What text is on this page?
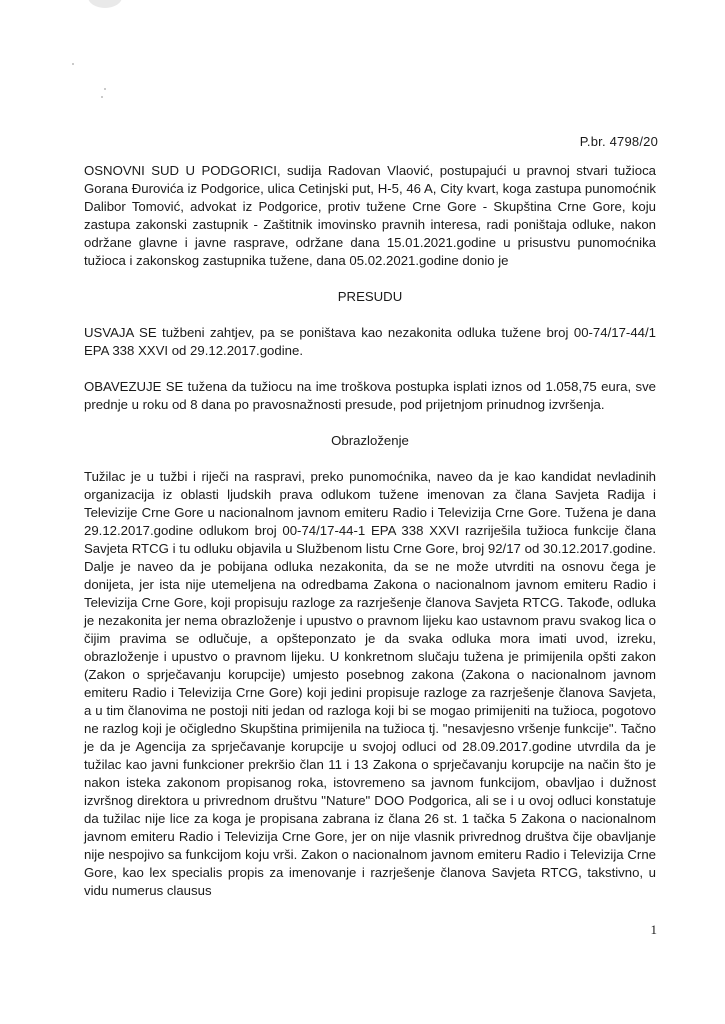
P.br. 4798/20

OSNOVNI SUD U PODGORICI, sudija Radovan Vlaović, postupajući u pravnoj stvari tužioca Gorana Đurovića iz Podgorice, ulica Cetinjski put, H-5, 46 A, City kvart, koga zastupa punomoćnik Dalibor Tomović, advokat iz Podgorice, protiv tužene Crne Gore - Skupština Crne Gore, koju zastupa zakonski zastupnik - Zaštitnik imovinsko pravnih interesa, radi poništaja odluke, nakon održane glavne i javne rasprave, održane dana 15.01.2021.godine u prisustvu punomoćnika tužioca i zakonskog zastupnika tužene, dana 05.02.2021.godine donio je

PRESUDU

USVAJA SE tužbeni zahtjev, pa se poništava kao nezakonita odluka tužene broj 00-74/17-44/1 EPA 338 XXVI od 29.12.2017.godine.

OBAVEZUJE SE tužena da tužiocu na ime troškova postupka isplati iznos od 1.058,75 eura, sve prednje u roku od 8 dana po pravosnažnosti presude, pod prijetnjom prinudnog izvršenja.

Obrazloženje

Tužilac je u tužbi i riječi na raspravi, preko punomoćnika, naveo da je kao kandidat nevladinih organizacija iz oblasti ljudskih prava odlukom tužene imenovan za člana Savjeta Radija i Televizije Crne Gore u nacionalnom javnom emiteru Radio i Televizija Crne Gore. Tužena je dana 29.12.2017.godine odlukom broj 00-74/17-44-1 EPA 338 XXVI razriješila tužioca funkcije člana Savjeta RTCG i tu odluku objavila u Službenom listu Crne Gore, broj 92/17 od 30.12.2017.godine. Dalje je naveo da je pobijana odluka nezakonita, da se ne može utvrditi na osnovu čega je donijeta, jer ista nije utemeljena na odredbama Zakona o nacionalnom javnom emiteru Radio i Televizija Crne Gore, koji propisuju razloge za razrješenje članova Savjeta RTCG. Takođe, odluka je nezakonita jer nema obrazloženje i upustvo o pravnom lijeku kao ustavnom pravu svakog lica o čijim pravima se odlučuje, a opšteponzato je da svaka odluka mora imati uvod, izreku, obrazloženje i upustvo o pravnom lijeku. U konkretnom slučaju tužena je primijenila opšti zakon (Zakon o sprječavanju korupcije) umjesto posebnog zakona (Zakona o nacionalnom javnom emiteru Radio i Televizija Crne Gore) koji jedini propisuje razloge za razrješenje članova Savjeta, a u tim članovima ne postoji niti jedan od razloga koji bi se mogao primijeniti na tužioca, pogotovo ne razlog koji je očigledno Skupština primijenila na tužioca tj. "nesavjesno vršenje funkcije". Tačno je da je Agencija za sprječavanje korupcije u svojoj odluci od 28.09.2017.godine utvrdila da je tužilac kao javni funkcioner prekršio član 11 i 13 Zakona o sprječavanju korupcije na način što je nakon isteka zakonom propisanog roka, istovremeno sa javnom funkcijom, obavljao i dužnost izvršnog direktora u privrednom društvu "Nature" DOO Podgorica, ali se i u ovoj odluci konstatuje da tužilac nije lice za koga je propisana zabrana iz člana 26 st. 1 tačka 5 Zakona o nacionalnom javnom emiteru Radio i Televizija Crne Gore, jer on nije vlasnik privrednog društva čije obavljanje nije nespojivo sa funkcijom koju vrši. Zakon o nacionalnom javnom emiteru Radio i Televizija Crne Gore, kao lex specialis propis za imenovanje i razrješenje članova Savjeta RTCG, takstivno, u vidu numerus clausus

1
